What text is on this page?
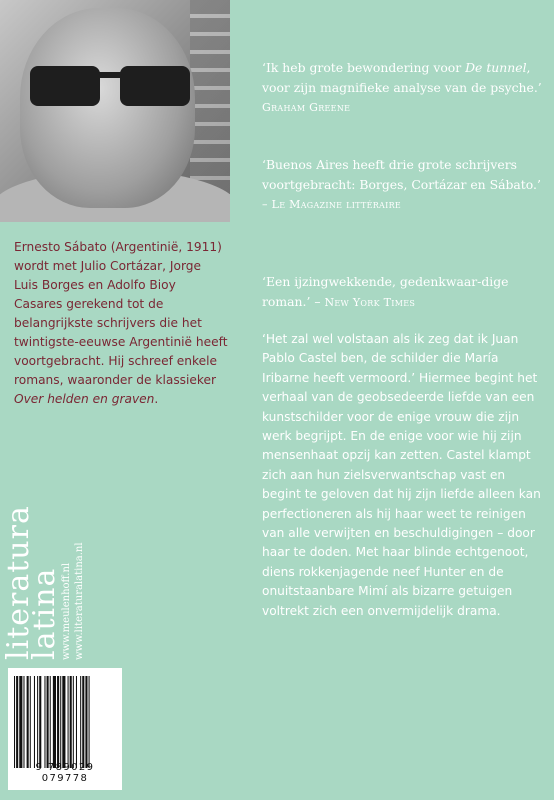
Ernesto Sábato (Argentinië, 1911) wordt met Julio Cortázar, Jorge Luis Borges en Adolfo Bioy Casares gerekend tot de belangrijkste schrijvers die het twintigste-eeuwse Argentinië heeft voortgebracht. Hij schreef enkele romans, waaronder de klassieker Over helden en graven.
‘Ik heb grote bewondering voor De tunnel, voor zijn magnifieke analyse van de psyche.’ Graham Greene
‘Buenos Aires heeft drie grote schrijvers voortgebracht: Borges, Cortázar en Sábato.’
– Le Magazine littéraire
‘Een ijzingwekkende, gedenkwaar-dige roman.’ – New York Times
‘Het zal wel volstaan als ik zeg dat ik Juan Pablo Castel ben, de schilder die María Iribarne heeft vermoord.’ Hiermee begint het verhaal van de geobsedeerde liefde van een kunstschilder voor de enige vrouw die zijn werk begrijpt. En de enige voor wie hij zijn mensenhaat opzij kan zetten. Castel klampt zich aan hun zielsverwantschap vast en begint te geloven dat hij zijn liefde alleen kan perfectioneren als hij haar weet te reinigen van alle verwijten en beschuldigingen – door haar te doden. Met haar blinde echtgenoot, diens rokkenjagende neef Hunter en de onuitstaanbare Mimí als bizarre getuigen voltrekt zich een onvermijdelijk drama.
literatura
latina www.meulenhoff.nl www.literaturalatina.nl
9 789029 079778
